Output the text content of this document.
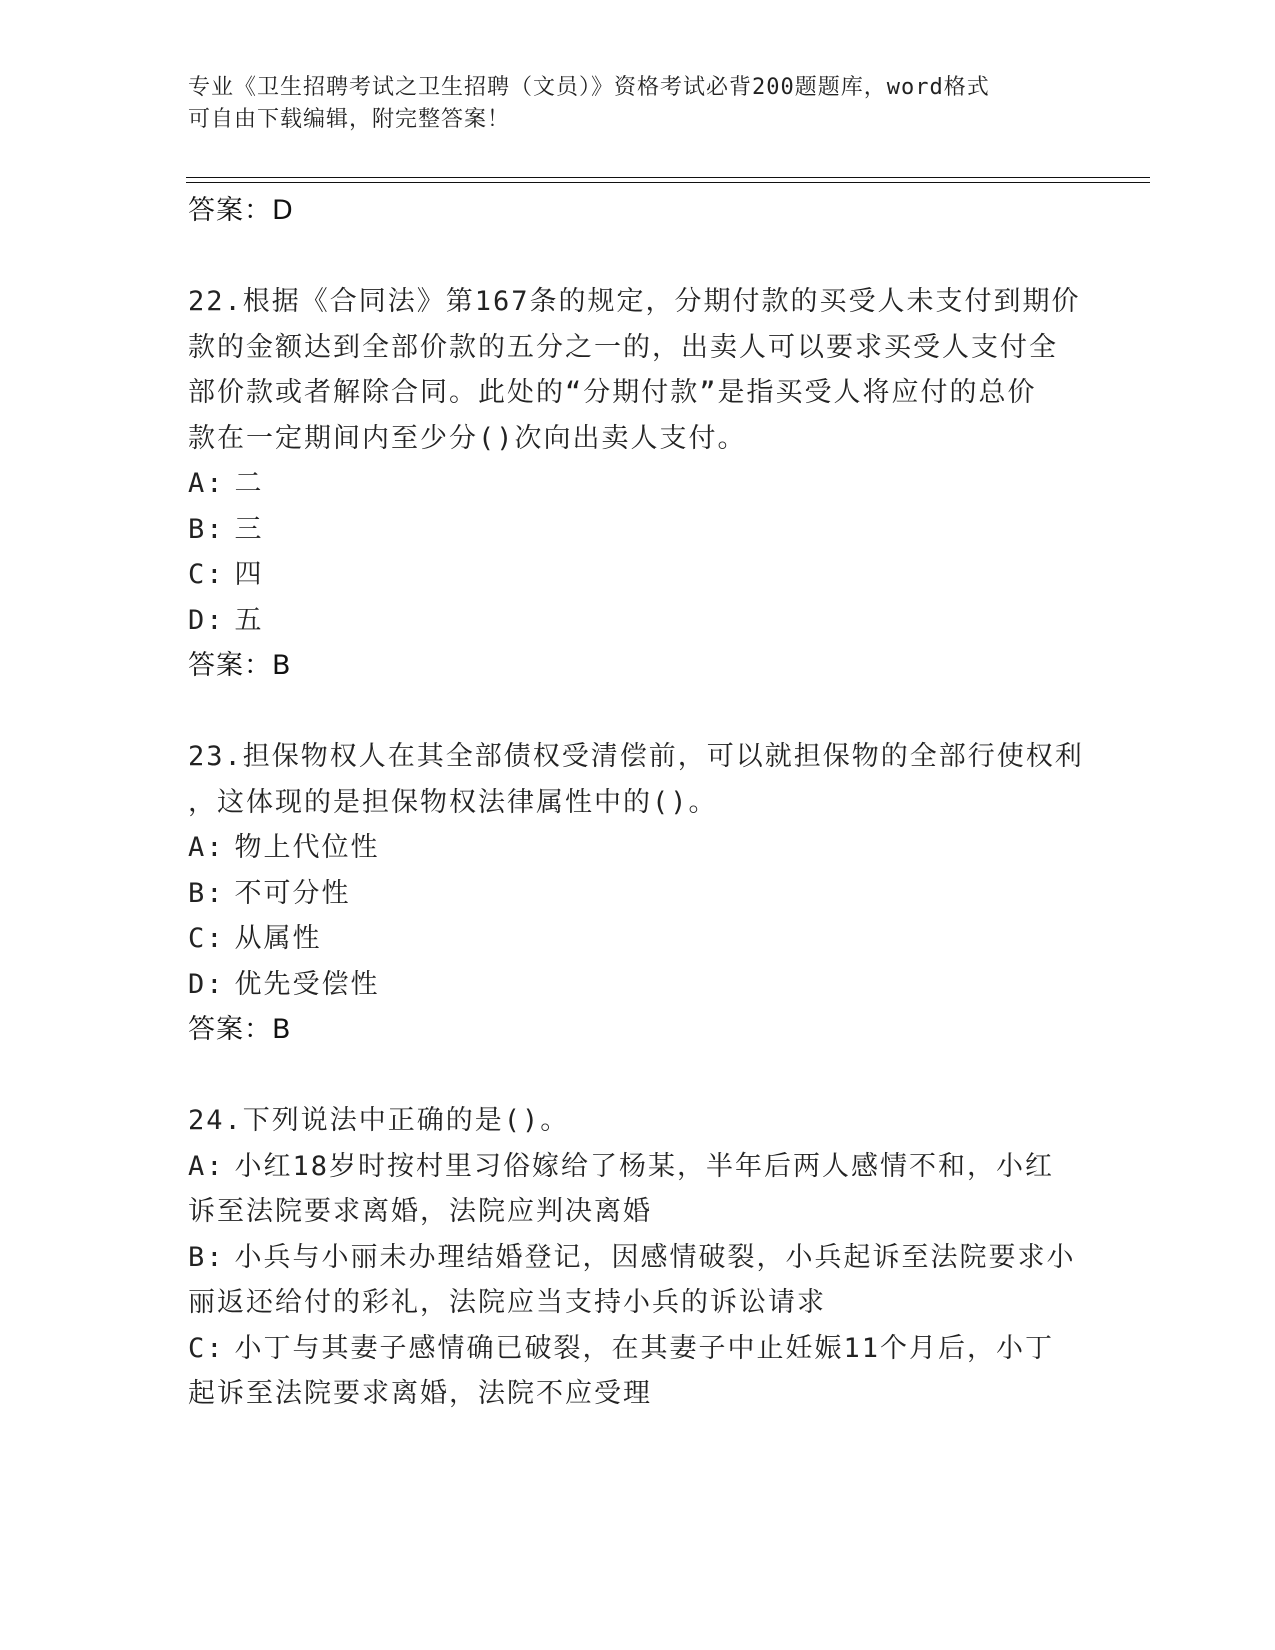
专业《卫生招聘考试之卫生招聘（文员）》资格考试必背200题题库，word格式
可自由下载编辑，附完整答案！
答案：D
22.根据《合同法》第167条的规定，分期付款的买受人未支付到期价
款的金额达到全部价款的五分之一的，出卖人可以要求买受人支付全
部价款或者解除合同。此处的“分期付款”是指买受人将应付的总价
款在一定期间内至少分()次向出卖人支付。
A: 二
B: 三
C: 四
D: 五
答案：B
23.担保物权人在其全部债权受清偿前，可以就担保物的全部行使权利
，这体现的是担保物权法律属性中的()。
A: 物上代位性
B: 不可分性
C: 从属性
D: 优先受偿性
答案：B
24.下列说法中正确的是()。
A: 小红18岁时按村里习俗嫁给了杨某，半年后两人感情不和，小红
诉至法院要求离婚，法院应判决离婚
B: 小兵与小丽未办理结婚登记，因感情破裂，小兵起诉至法院要求小
丽返还给付的彩礼，法院应当支持小兵的诉讼请求
C: 小丁与其妻子感情确已破裂，在其妻子中止妊娠11个月后，小丁
起诉至法院要求离婚，法院不应受理
